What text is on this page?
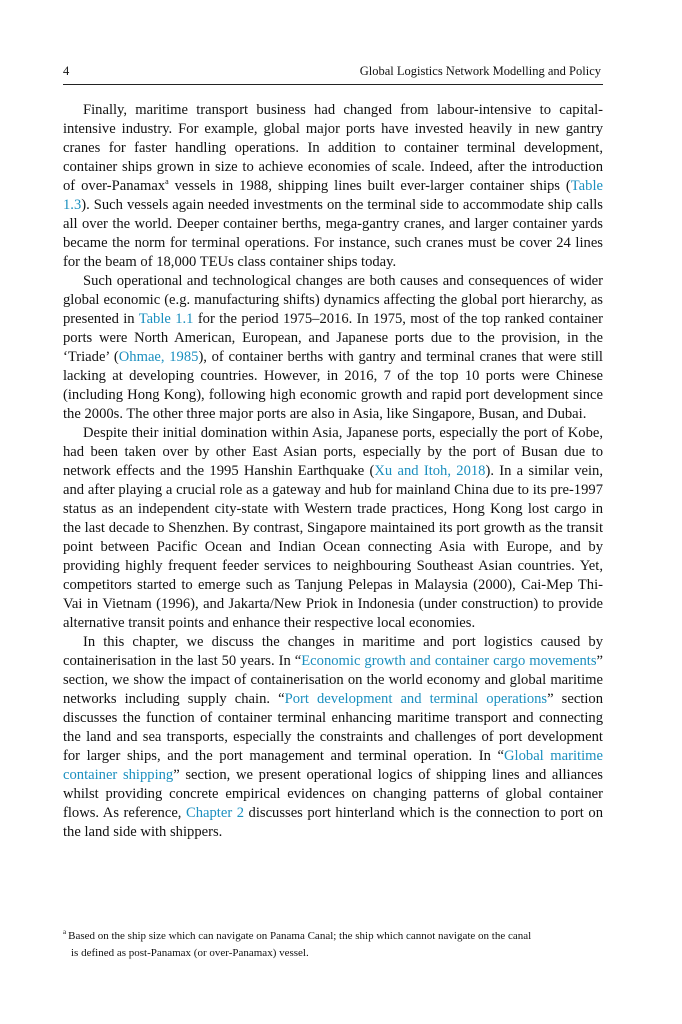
4	Global Logistics Network Modelling and Policy

Finally, maritime transport business had changed from labour-intensive to capital-intensive industry. For example, global major ports have invested heavily in new gantry cranes for faster handling operations. In addition to container terminal development, container ships grown in size to achieve economies of scale. Indeed, after the introduction of over-Panamax$^a$ vessels in 1988, shipping lines built ever-larger container ships (Table 1.3). Such vessels again needed investments on the terminal side to accommodate ship calls all over the world. Deeper container berths, mega-gantry cranes, and larger container yards became the norm for terminal operations. For instance, such cranes must be cover 24 lines for the beam of 18,000 TEUs class container ships today.

Such operational and technological changes are both causes and consequences of wider global economic (e.g. manufacturing shifts) dynamics affecting the global port hierarchy, as presented in Table 1.1 for the period 1975–2016. In 1975, most of the top ranked container ports were North American, European, and Japanese ports due to the provision, in the ‘Triade’ (Ohmae, 1985), of container berths with gantry and terminal cranes that were still lacking at developing countries. However, in 2016, 7 of the top 10 ports were Chinese (including Hong Kong), following high economic growth and rapid port development since the 2000s. The other three major ports are also in Asia, like Singapore, Busan, and Dubai.

Despite their initial domination within Asia, Japanese ports, especially the port of Kobe, had been taken over by other East Asian ports, especially by the port of Busan due to network effects and the 1995 Hanshin Earthquake (Xu and Itoh, 2018). In a similar vein, and after playing a crucial role as a gateway and hub for mainland China due to its pre-1997 status as an independent city-state with Western trade practices, Hong Kong lost cargo in the last decade to Shenzhen. By contrast, Singapore maintained its port growth as the transit point between Pacific Ocean and Indian Ocean connecting Asia with Europe, and by providing highly frequent feeder services to neighbouring Southeast Asian countries. Yet, competitors started to emerge such as Tanjung Pelepas in Malaysia (2000), Cai-Mep Thi-Vai in Vietnam (1996), and Jakarta/New Priok in Indonesia (under construction) to provide alternative transit points and enhance their respective local economies.

In this chapter, we discuss the changes in maritime and port logistics caused by containerisation in the last 50 years. In “Economic growth and container cargo movements” section, we show the impact of containerisation on the world economy and global maritime networks including supply chain. “Port development and terminal operations” section discusses the function of container terminal enhancing maritime transport and connecting the land and sea transports, especially the constraints and challenges of port development for larger ships, and the port management and terminal operation. In “Global maritime container shipping” section, we present operational logics of shipping lines and alliances whilst providing concrete empirical evidences on changing patterns of global container flows. As reference, Chapter 2 discusses port hinterland which is the connection to port on the land side with shippers.

$^a$ Based on the ship size which can navigate on Panama Canal; the ship which cannot navigate on the canal
is defined as post-Panamax (or over-Panamax) vessel.
